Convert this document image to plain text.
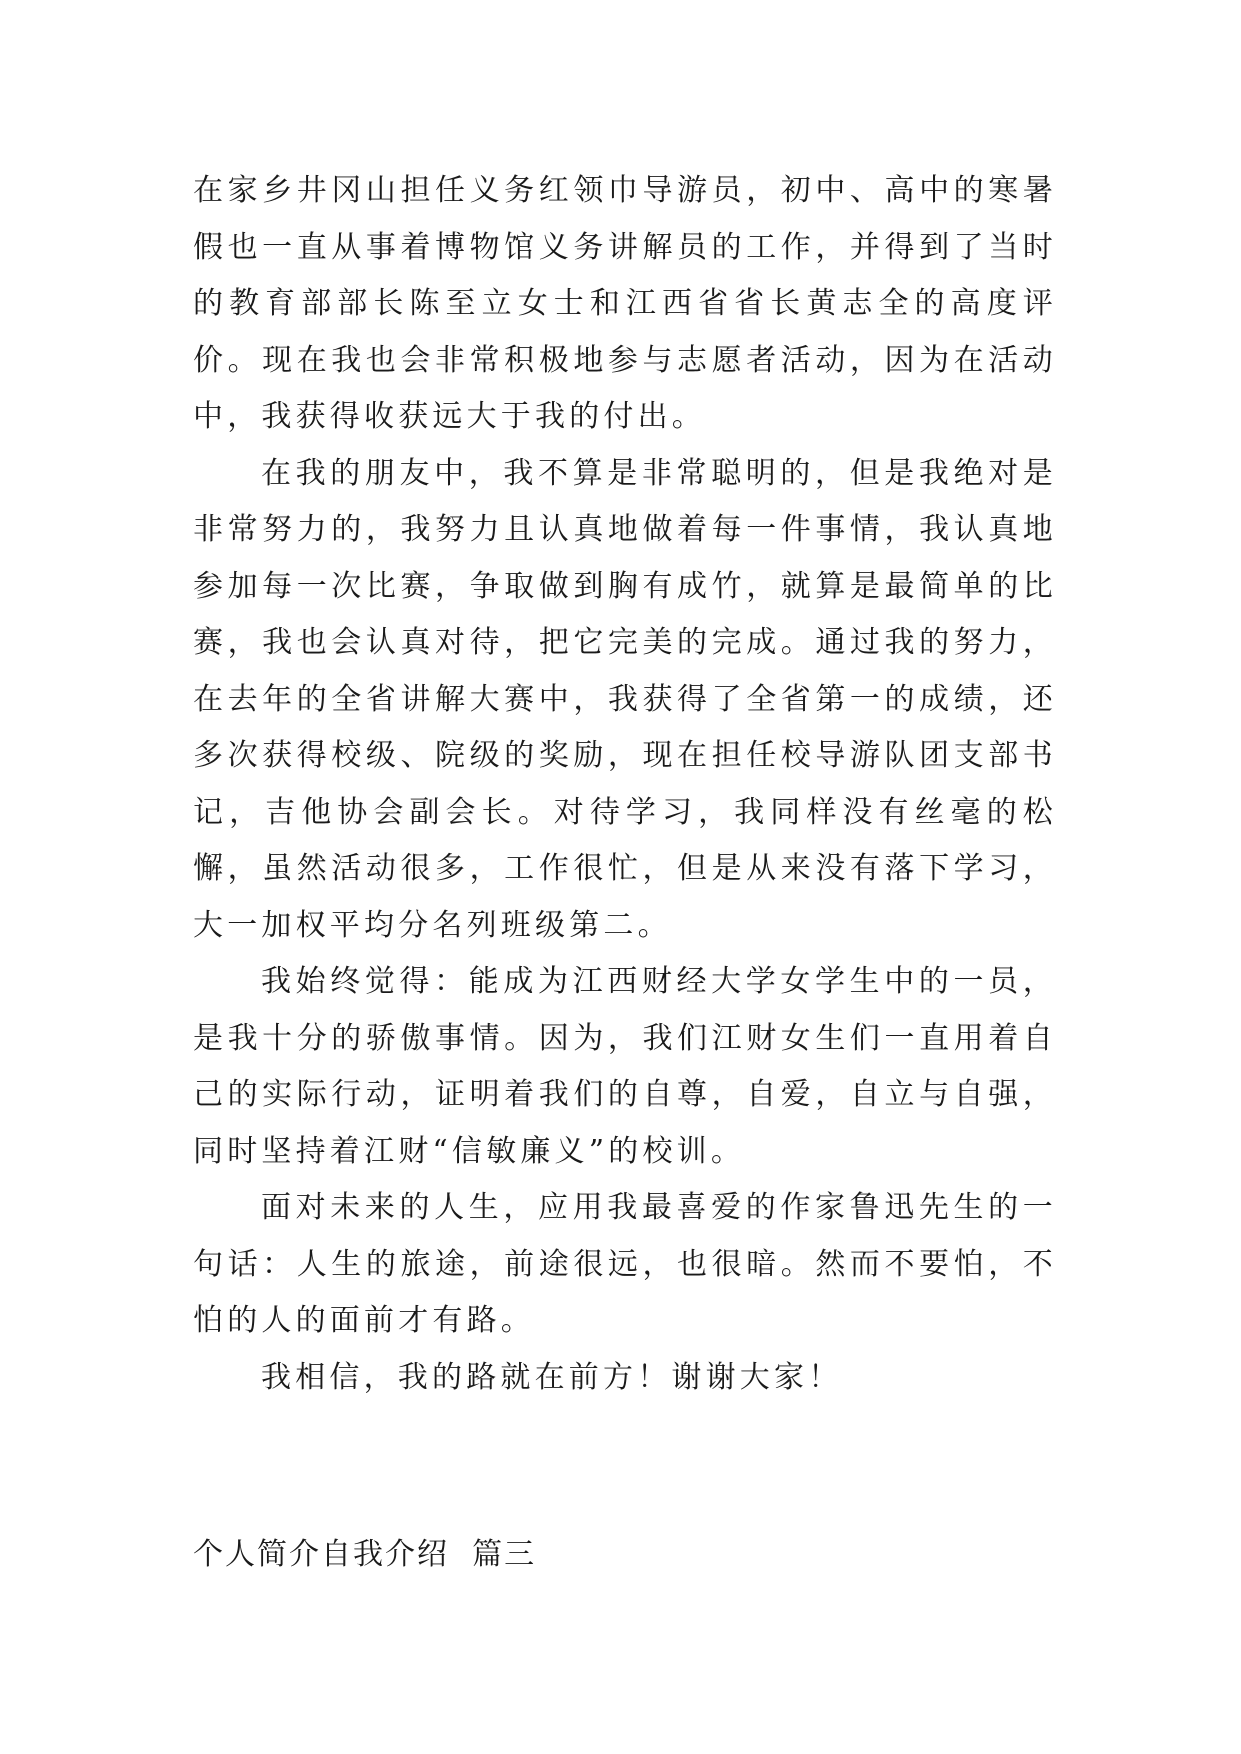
在家乡井冈山担任义务红领巾导游员，初中、高中的寒暑假也一直从事着博物馆义务讲解员的工作，并得到了当时的教育部部长陈至立女士和江西省省长黄志全的高度评价。现在我也会非常积极地参与志愿者活动，因为在活动中，我获得收获远大于我的付出。

在我的朋友中，我不算是非常聪明的，但是我绝对是非常努力的，我努力且认真地做着每一件事情，我认真地参加每一次比赛，争取做到胸有成竹，就算是最简单的比赛，我也会认真对待，把它完美的完成。通过我的努力，在去年的全省讲解大赛中，我获得了全省第一的成绩，还多次获得校级、院级的奖励，现在担任校导游队团支部书记，吉他协会副会长。对待学习，我同样没有丝毫的松懈，虽然活动很多，工作很忙，但是从来没有落下学习，大一加权平均分名列班级第二。

我始终觉得：能成为江西财经大学女学生中的一员，是我十分的骄傲事情。因为，我们江财女生们一直用着自己的实际行动，证明着我们的自尊，自爱，自立与自强，同时坚持着江财“信敏廉义”的校训。

面对未来的人生，应用我最喜爱的作家鲁迅先生的一句话：人生的旅途，前途很远，也很暗。然而不要怕，不怕的人的面前才有路。

我相信，我的路就在前方！谢谢大家！

个人简介自我介绍  篇三
